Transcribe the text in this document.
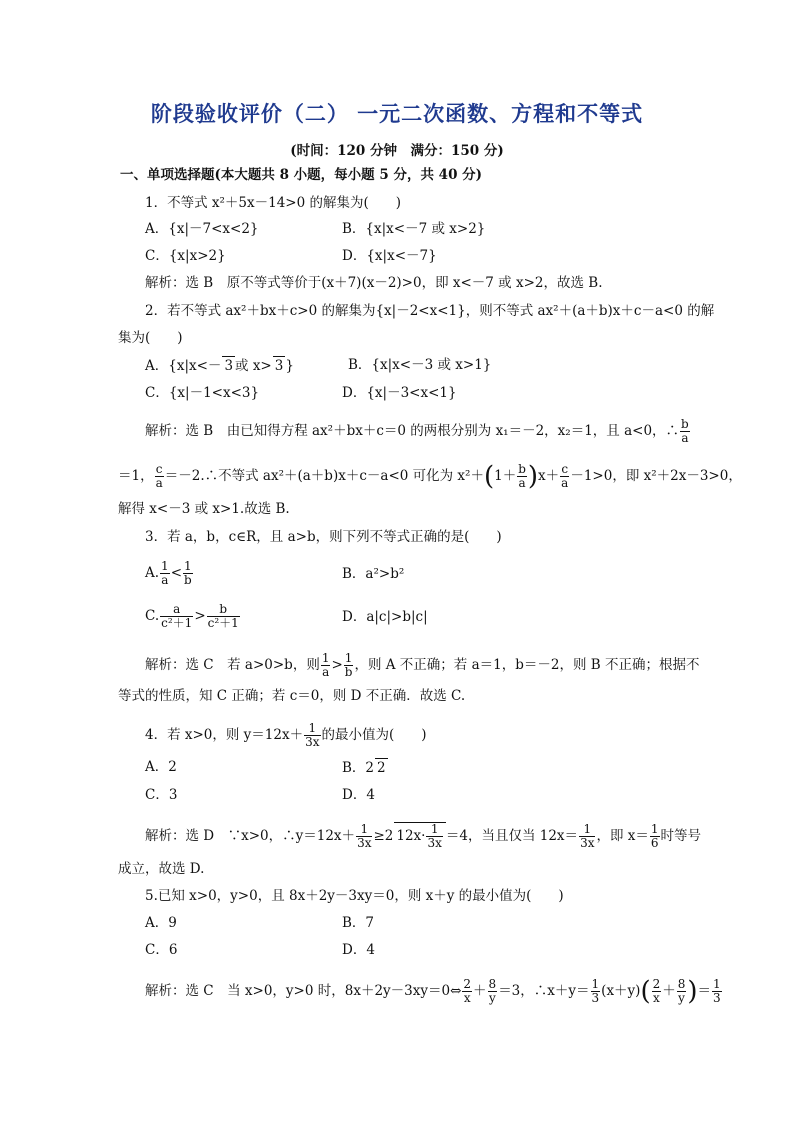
阶段验收评价（二） 一元二次函数、方程和不等式
(时间：120 分钟　满分：150 分)
一、单项选择题(本大题共 8 小题，每小题 5 分，共 40 分)
1．不等式 x²＋5x－14>0 的解集为(　　)
A．{x|－7<x<2}	B．{x|x<－7 或 x>2}
C．{x|x>2}	D．{x|x<－7}
解析：选 B　原不等式等价于(x＋7)(x－2)>0，即 x<－7 或 x>2，故选 B.
2．若不等式 ax²＋bx＋c>0 的解集为{x|－2<x<1}，则不等式 ax²＋(a＋b)x＋c－a<0 的解
集为(　　)
A．{x|x<－ 3 或 x> 3 }	B．{x|x<－3 或 x>1}
C．{x|－1<x<3}	D．{x|－3<x<1}
解析：选 B　由已知得方程 ax²＋bx＋c＝0 的两根分别为 x₁＝－2，x₂＝1，且 a<0，∴ $\frac{b}{a}$
＝1， $\frac{c}{a}$ ＝－2.∴不等式 ax²＋(a＋b)x＋c－a<0 可化为 $x^2+(1+ \frac{b}{a} )x+ \frac{c}{a} -1>0$，即 x²＋2x－3>0，
解得 x<－3 或 x>1.故选 B.
3．若 a，b，c∈R，且 a>b，则下列不等式正确的是(　　)
A. $\frac{1}{a} < \frac{1}{b}$	B．a²>b²
C. $\frac{a}{\text{c²＋1}} > \frac{b}{\text{c²＋1}}$	D．a|c|>b|c|
解析：选 C　若 a>0>b，则 $\frac{1}{a} > \frac{1}{b}$ ，则 A 不正确；若 a＝1，b＝－2，则 B 不正确；根据不
等式的性质，知 C 正确；若 c＝0，则 D 不正确．故选 C.
4．若 x>0，则 $y=12x+ \frac{1}{3x}$ 的最小值为(　　)
A．2	B．2 2
C．3	D．4
解析：选 D　∵x>0，∴y＝12x＋ $\frac{1}{3x} \ge 2$ $12x\cdot \frac{1}{3x} =4$，当且仅当 $12x= \frac{1}{3x}$ ，即 $x= \frac{1}{6}$ 时等号
成立，故选 D.
5.已知 x>0，y>0，且 8x＋2y－3xy＝0，则 x＋y 的最小值为(　　)
A．9	B．7
C．6	D．4
解析：选 C　当 x>0，y>0 时，8x＋2y－3xy＝0⇔ $\frac{2}{x} + \frac{8}{y} =3$，∴x＋y＝ $\frac{1}{3} (x+y)( \frac{2}{x} + \frac{8}{y}$ )＝ $\frac{1}{3}$
